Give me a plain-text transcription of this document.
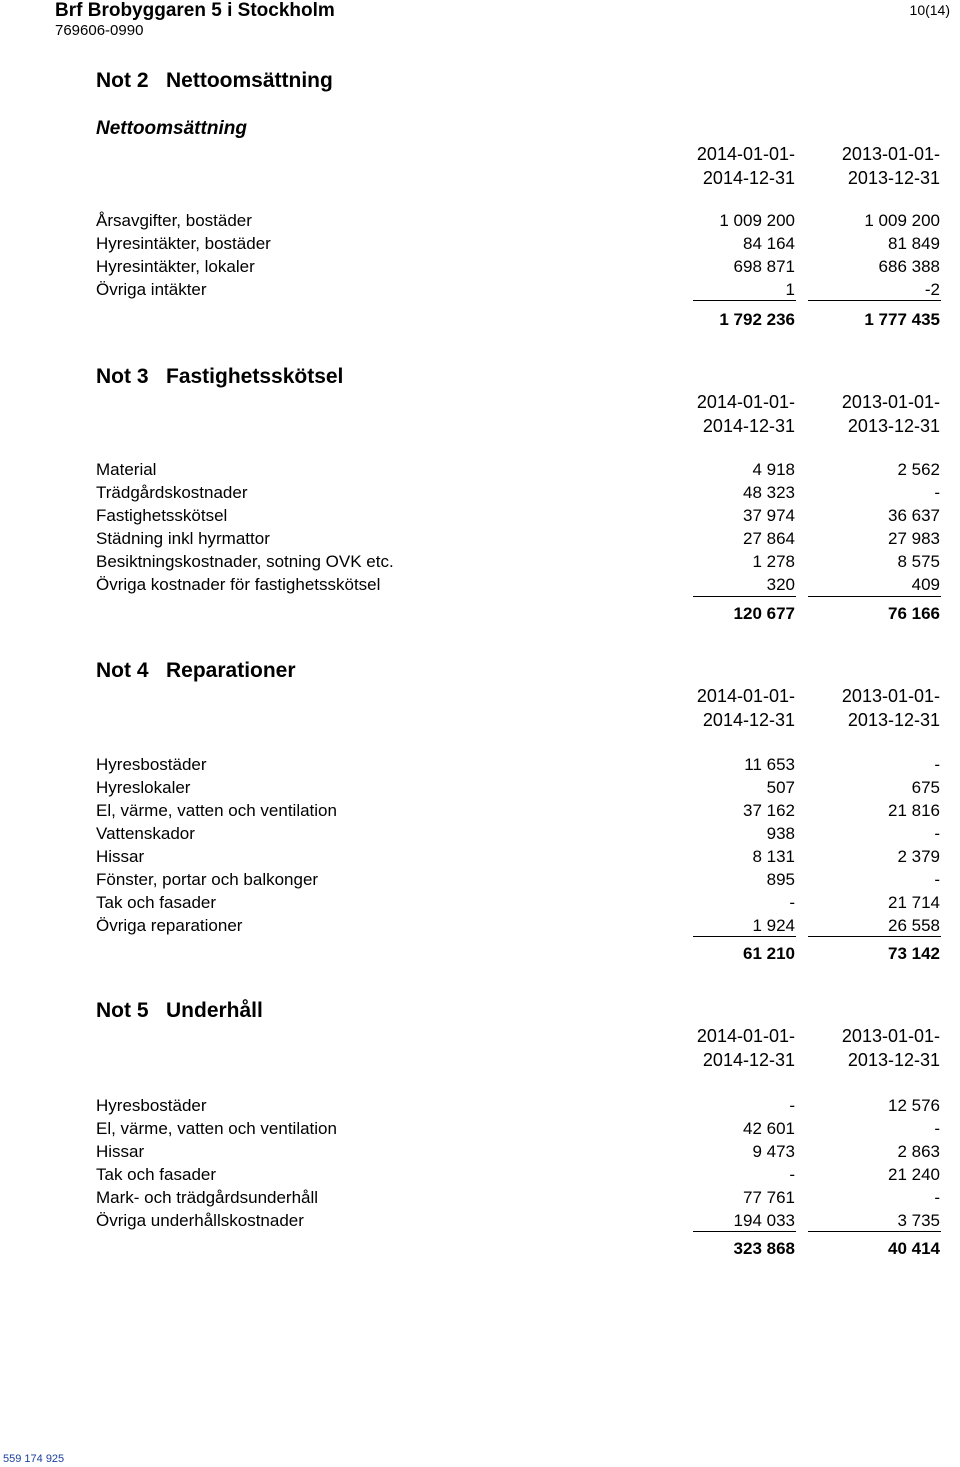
Brf Brobyggaren 5 i Stockholm
769606-0990
10(14)
Not 2 Nettoomsättning
Nettoomsättning
2014-01-01-
2014-12-31
2013-01-01-
2013-12-31
Årsavgifter, bostäder	1 009 200	1 009 200
Hyresintäkter, bostäder	84 164	81 849
Hyresintäkter, lokaler	698 871	686 388
Övriga intäkter	1	-2
1 792 236	1 777 435
Not 3 Fastighetsskötsel
2014-01-01-
2014-12-31
2013-01-01-
2013-12-31
Material	4 918	2 562
Trädgårdskostnader	48 323	-
Fastighetsskötsel	37 974	36 637
Städning inkl hyrmattor	27 864	27 983
Besiktningskostnader, sotning OVK etc.	1 278	8 575
Övriga kostnader för fastighetsskötsel	320	409
120 677	76 166
Not 4 Reparationer
2014-01-01-
2014-12-31
2013-01-01-
2013-12-31
Hyresbostäder	11 653	-
Hyreslokaler	507	675
El, värme, vatten och ventilation	37 162	21 816
Vattenskador	938	-
Hissar	8 131	2 379
Fönster, portar och balkonger	895	-
Tak och fasader	-	21 714
Övriga reparationer	1 924	26 558
61 210	73 142
Not 5 Underhåll
2014-01-01-
2014-12-31
2013-01-01-
2013-12-31
Hyresbostäder	-	12 576
El, värme, vatten och ventilation	42 601	-
Hissar	9 473	2 863
Tak och fasader	-	21 240
Mark- och trädgårdsunderhåll	77 761	-
Övriga underhållskostnader	194 033	3 735
323 868	40 414
559 174 925
